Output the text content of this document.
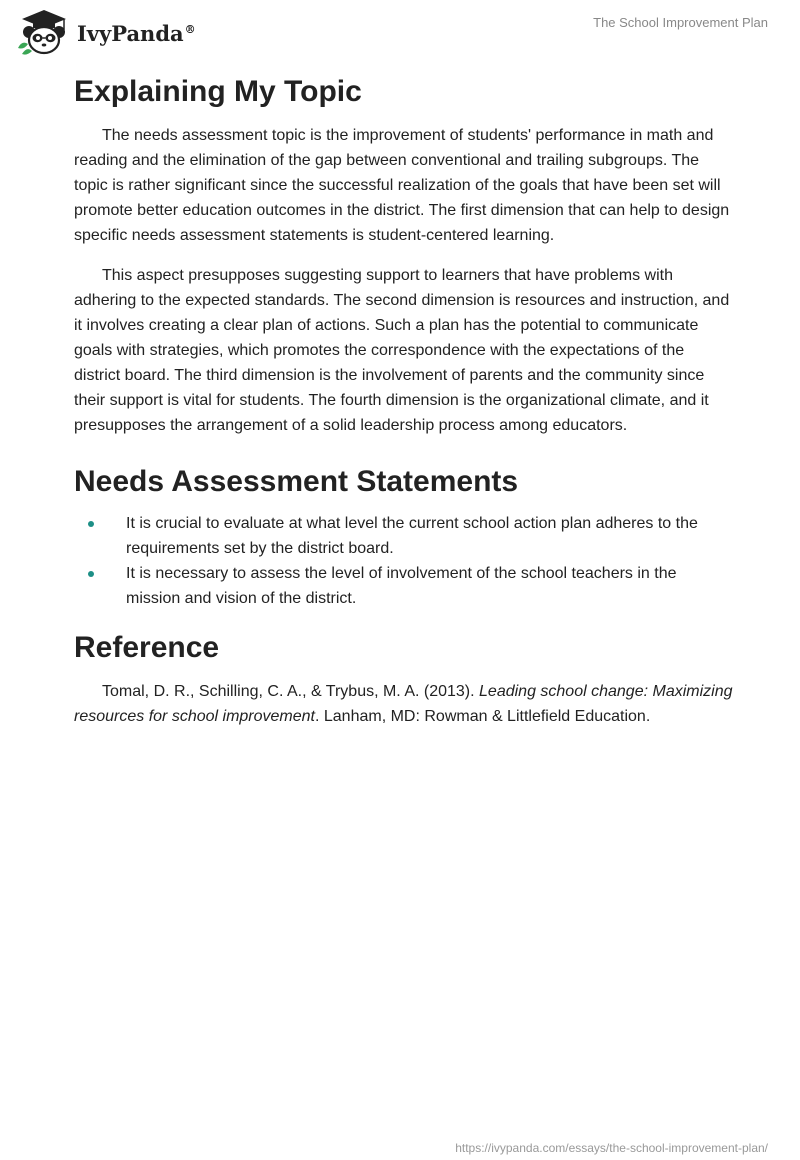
IvyPanda®	The School Improvement Plan
Explaining My Topic

The needs assessment topic is the improvement of students' performance in math and reading and the elimination of the gap between conventional and trailing subgroups. The topic is rather significant since the successful realization of the goals that have been set will promote better education outcomes in the district. The first dimension that can help to design specific needs assessment statements is student-centered learning.

This aspect presupposes suggesting support to learners that have problems with adhering to the expected standards. The second dimension is resources and instruction, and it involves creating a clear plan of actions. Such a plan has the potential to communicate goals with strategies, which promotes the correspondence with the expectations of the district board. The third dimension is the involvement of parents and the community since their support is vital for students. The fourth dimension is the organizational climate, and it presupposes the arrangement of a solid leadership process among educators.

Needs Assessment Statements
It is crucial to evaluate at what level the current school action plan adheres to the requirements set by the district board.
It is necessary to assess the level of involvement of the school teachers in the mission and vision of the district.
Reference

Tomal, D. R., Schilling, C. A., & Trybus, M. A. (2013). Leading school change: Maximizing resources for school improvement. Lanham, MD: Rowman & Littlefield Education.

https://ivypanda.com/essays/the-school-improvement-plan/
